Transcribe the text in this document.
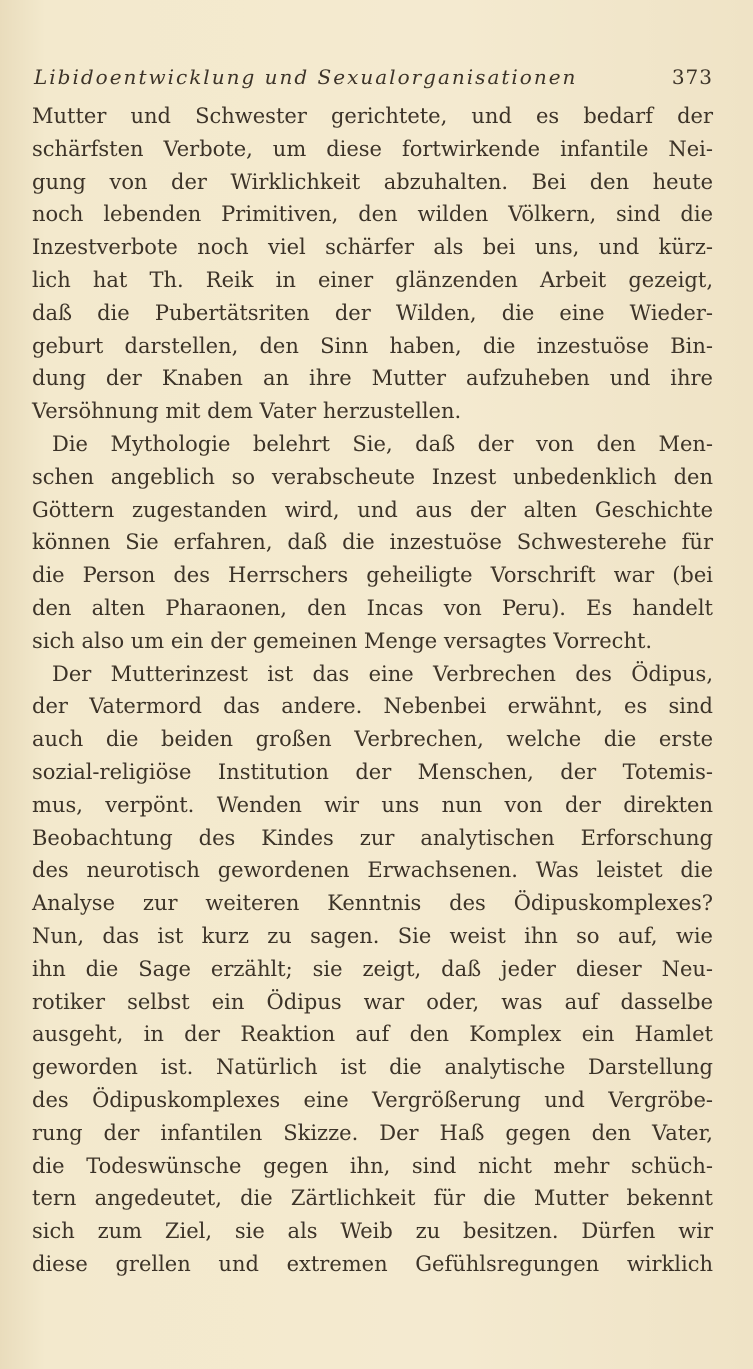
Libidoentwicklung und Sexualorganisationen	373
Mutter und Schwester gerichtete, und es bedarf der
schärfsten Verbote, um diese fortwirkende infantile Nei-
gung von der Wirklichkeit abzuhalten. Bei den heute
noch lebenden Primitiven, den wilden Völkern, sind die
Inzestverbote noch viel schärfer als bei uns, und kürz-
lich hat Th. Reik in einer glänzenden Arbeit gezeigt,
daß die Pubertätsriten der Wilden, die eine Wieder-
geburt darstellen, den Sinn haben, die inzestuöse Bin-
dung der Knaben an ihre Mutter aufzuheben und ihre
Versöhnung mit dem Vater herzustellen.
Die Mythologie belehrt Sie, daß der von den Men-
schen angeblich so verabscheute Inzest unbedenklich den
Göttern zugestanden wird, und aus der alten Geschichte
können Sie erfahren, daß die inzestuöse Schwesterehe für
die Person des Herrschers geheiligte Vorschrift war (bei
den alten Pharaonen, den Incas von Peru). Es handelt
sich also um ein der gemeinen Menge versagtes Vorrecht.
Der Mutterinzest ist das eine Verbrechen des Ödipus,
der Vatermord das andere. Nebenbei erwähnt, es sind
auch die beiden großen Verbrechen, welche die erste
sozial-religiöse Institution der Menschen, der Totemis-
mus, verpönt. Wenden wir uns nun von der direkten
Beobachtung des Kindes zur analytischen Erforschung
des neurotisch gewordenen Erwachsenen. Was leistet die
Analyse zur weiteren Kenntnis des Ödipuskomplexes?
Nun, das ist kurz zu sagen. Sie weist ihn so auf, wie
ihn die Sage erzählt; sie zeigt, daß jeder dieser Neu-
rotiker selbst ein Ödipus war oder, was auf dasselbe
ausgeht, in der Reaktion auf den Komplex ein Hamlet
geworden ist. Natürlich ist die analytische Darstellung
des Ödipuskomplexes eine Vergrößerung und Vergröbe-
rung der infantilen Skizze. Der Haß gegen den Vater,
die Todeswünsche gegen ihn, sind nicht mehr schüch-
tern angedeutet, die Zärtlichkeit für die Mutter bekennt
sich zum Ziel, sie als Weib zu besitzen. Dürfen wir
diese grellen und extremen Gefühlsregungen wirklich
